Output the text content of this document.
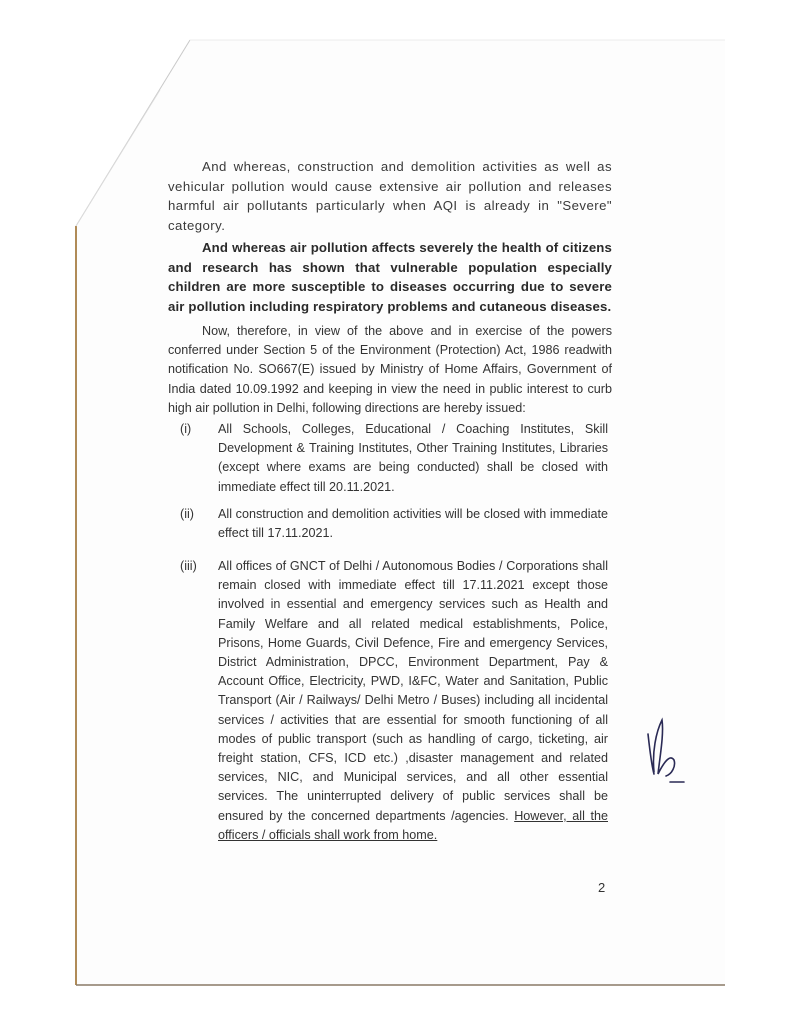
And whereas, construction and demolition activities as well as vehicular pollution would cause extensive air pollution and releases harmful air pollutants particularly when AQI is already in "Severe" category.

And whereas air pollution affects severely the health of citizens and research has shown that vulnerable population especially children are more susceptible to diseases occurring due to severe air pollution including respiratory problems and cutaneous diseases.

Now, therefore, in view of the above and in exercise of the powers conferred under Section 5 of the Environment (Protection) Act, 1986 readwith notification No. SO667(E) issued by Ministry of Home Affairs, Government of India dated 10.09.1992 and keeping in view the need in public interest to curb high air pollution in Delhi, following directions are hereby issued:

(i) All Schools, Colleges, Educational / Coaching Institutes, Skill Development & Training Institutes, Other Training Institutes, Libraries (except where exams are being conducted) shall be closed with immediate effect till 20.11.2021.
(ii) All construction and demolition activities will be closed with immediate effect till 17.11.2021.
(iii) All offices of GNCT of Delhi / Autonomous Bodies / Corporations shall remain closed with immediate effect till 17.11.2021 except those involved in essential and emergency services such as Health and Family Welfare and all related medical establishments, Police, Prisons, Home Guards, Civil Defence, Fire and emergency Services, District Administration, DPCC, Environment Department, Pay & Account Office, Electricity, PWD, I&FC, Water and Sanitation, Public Transport (Air / Railways/ Delhi Metro / Buses) including all incidental services / activities that are essential for smooth functioning of all modes of public transport (such as handling of cargo, ticketing, air freight station, CFS, ICD etc.) ,disaster management and related services, NIC, and Municipal services, and all other essential services. The uninterrupted delivery of public services shall be ensured by the concerned departments /agencies. However, all the officers / officials shall work from home.
2
